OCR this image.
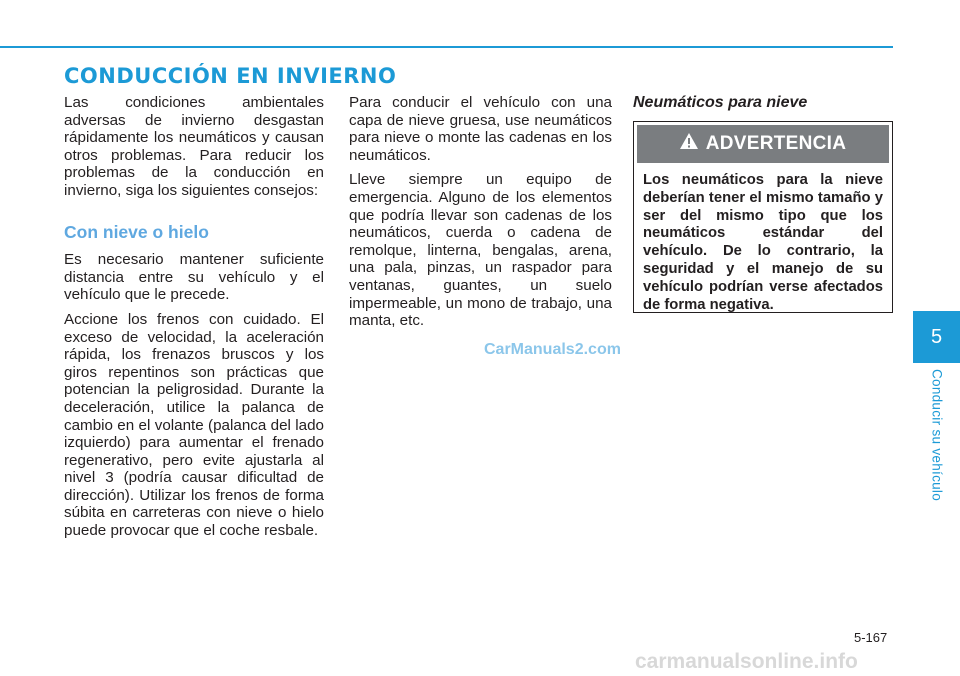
CONDUCCIÓN EN INVIERNO

Las condiciones ambientales adversas de invierno desgastan rápidamente los neumáticos y causan otros problemas. Para reducir los problemas de la conducción en invierno, siga los siguientes consejos:

Con nieve o hielo

Es necesario mantener suficiente distancia entre su vehículo y el vehículo que le precede.

Accione los frenos con cuidado. El exceso de velocidad, la aceleración rápida, los frenazos bruscos y los giros repentinos son prácticas que potencian la peligrosidad. Durante la deceleración, utilice la palanca de cambio en el volante (palanca del lado izquierdo) para aumentar el frenado regenerativo, pero evite ajustarla al nivel 3 (podría causar dificultad de dirección). Utilizar los frenos de forma súbita en carreteras con nieve o hielo puede provocar que el coche resbale.

Para conducir el vehículo con una capa de nieve gruesa, use neumáticos para nieve o monte las cadenas en los neumáticos.

Lleve siempre un equipo de emergencia. Alguno de los elementos que podría llevar son cadenas de los neumáticos, cuerda o cadena de remolque, linterna, bengalas, arena, una pala, pinzas, un raspador para ventanas, guantes, un suelo impermeable, un mono de trabajo, una manta, etc.

Neumáticos para nieve
ADVERTENCIA
Los neumáticos para la nieve deberían tener el mismo tamaño y ser del mismo tipo que los neumáticos estándar del vehículo. De lo contrario, la seguridad y el manejo de su vehículo podrían verse afectados de forma negativa.
CarManuals2.com
5
Conducir su vehículo
5-167
carmanualsonline.info
